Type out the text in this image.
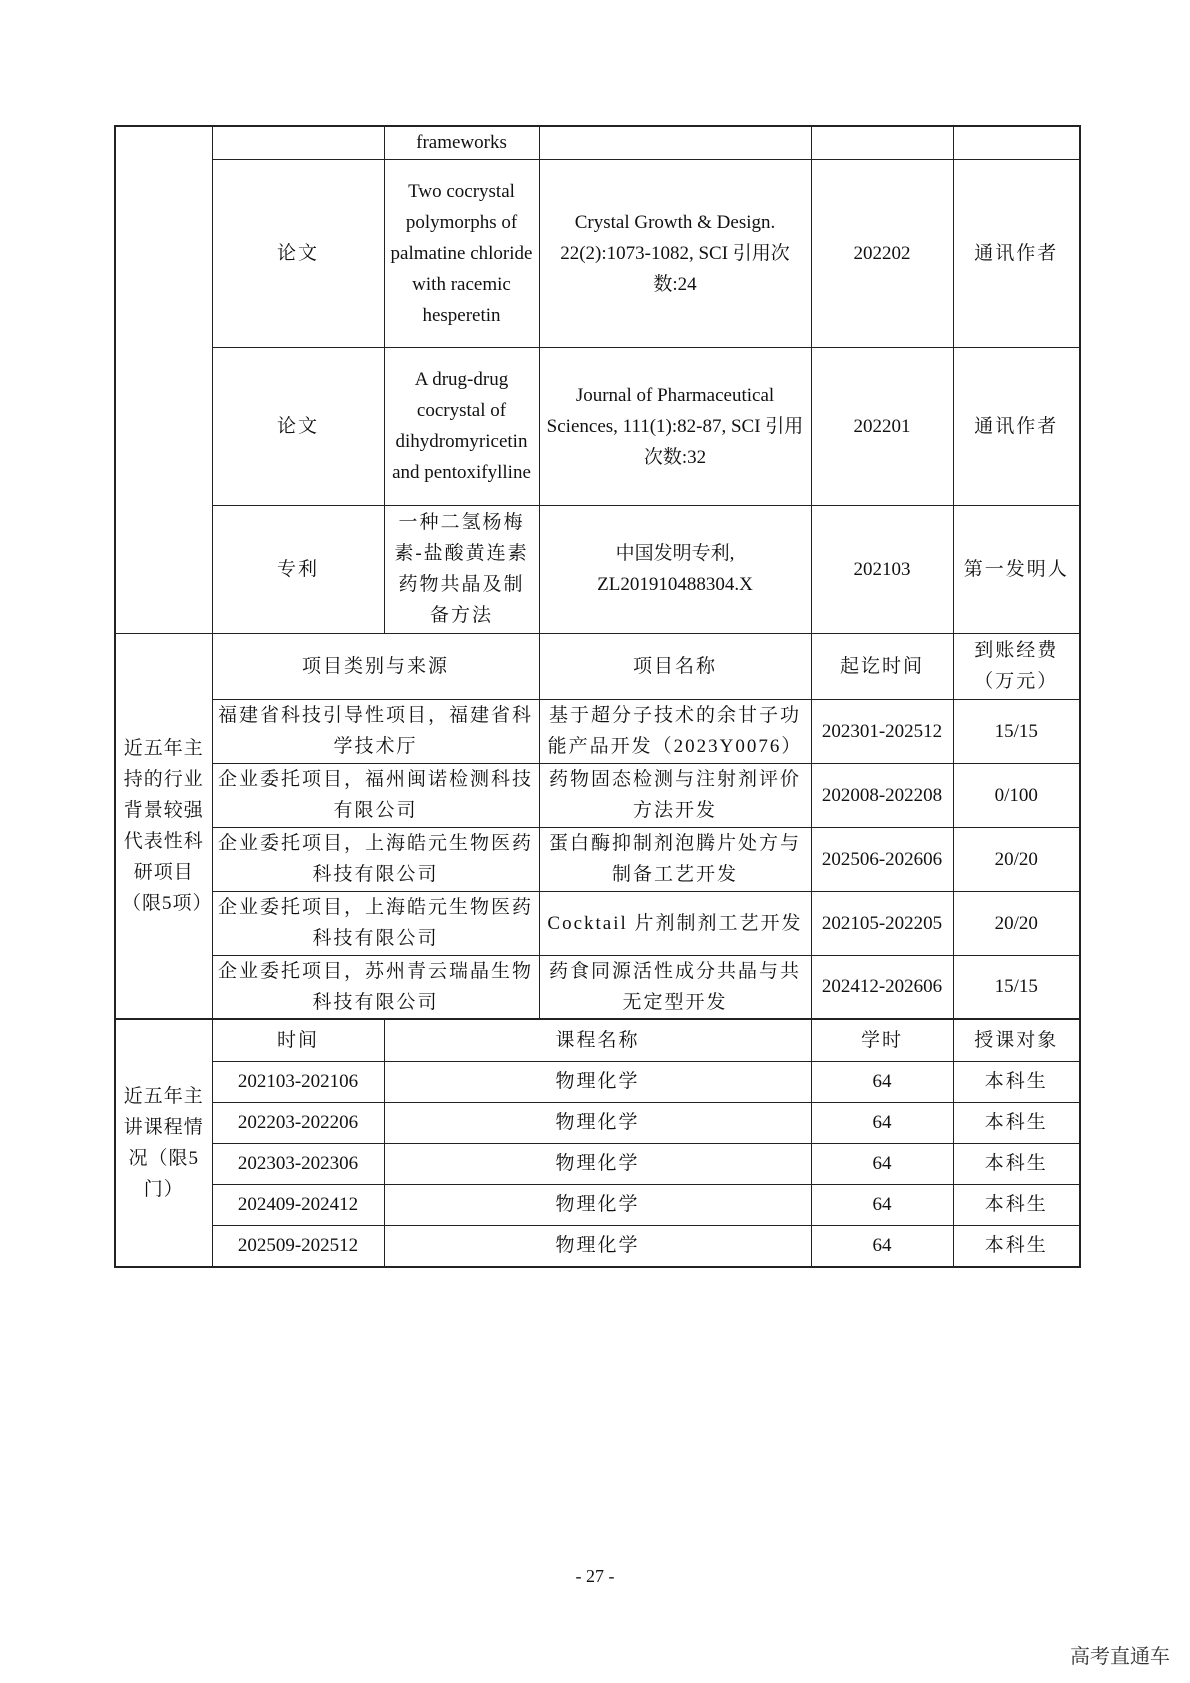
		frameworks			
	论文	Two cocrystal polymorphs of palmatine chloride with racemic hesperetin	Crystal Growth & Design. 22(2):1073-1082, SCI 引用次数:24	202202	通讯作者
	论文	A drug-drug cocrystal of dihydromyricetin and pentoxifylline	Journal of Pharmaceutical Sciences, 111(1):82-87, SCI 引用次数:32	202201	通讯作者
	专利	一种二氢杨梅素-盐酸黄连素药物共晶及制备方法	中国发明专利, ZL201910488304.X	202103	第一发明人
近五年主持的行业背景较强代表性科研项目（限5项）	项目类别与来源		项目名称	起讫时间	到账经费（万元）
	福建省科技引导性项目，福建省科学技术厅		基于超分子技术的余甘子功能产品开发（2023Y0076）	202301-202512	15/15
	企业委托项目，福州闽诺检测科技有限公司		药物固态检测与注射剂评价方法开发	202008-202208	0/100
	企业委托项目，上海皓元生物医药科技有限公司		蛋白酶抑制剂泡腾片处方与制备工艺开发	202506-202606	20/20
	企业委托项目，上海皓元生物医药科技有限公司		Cocktail 片剂制剂工艺开发	202105-202205	20/20
	企业委托项目，苏州青云瑞晶生物科技有限公司		药食同源活性成分共晶与共无定型开发	202412-202606	15/15
近五年主讲课程情况（限5门）	时间	课程名称		学时	授课对象
	202103-202106	物理化学		64	本科生
	202203-202206	物理化学		64	本科生
	202303-202306	物理化学		64	本科生
	202409-202412	物理化学		64	本科生
	202509-202512	物理化学		64	本科生
- 27 -
高考直通车
